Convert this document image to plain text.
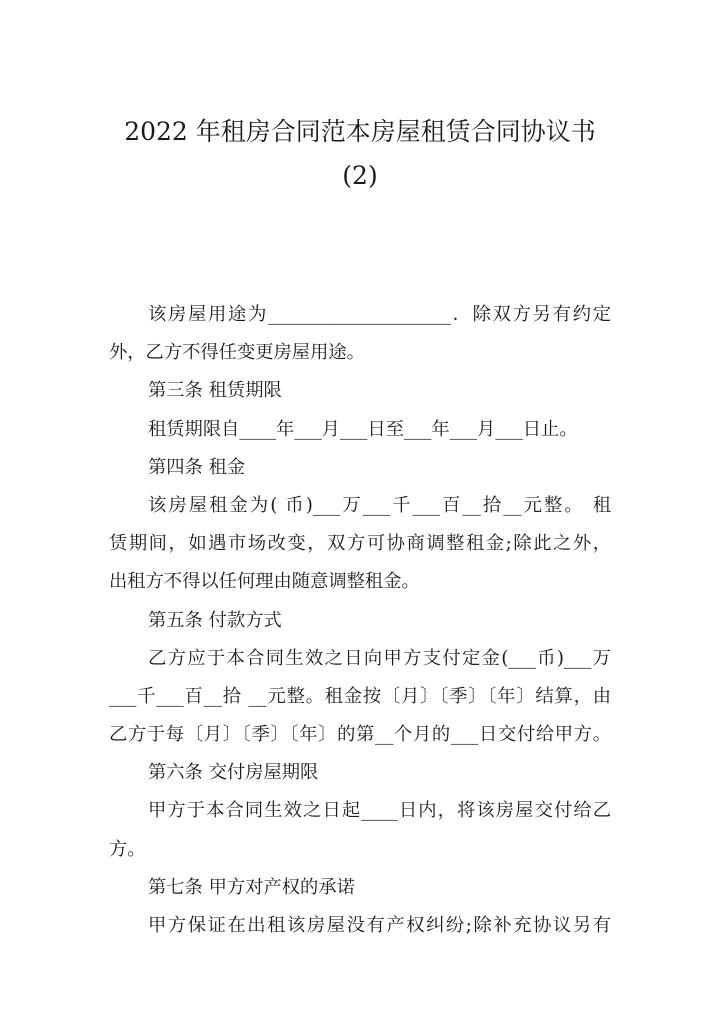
2022 年租房合同范本房屋租赁合同协议书
(2)
该房屋用途为____________________．除双方另有约定
外，乙方不得任变更房屋用途。
第三条 租赁期限
租赁期限自____年___月___日至___年___月___日止。
第四条 租金
该房屋租金为( 币)___万___千___百__拾__元整。 租
赁期间，如遇市场改变，双方可协商调整租金;除此之外，
出租方不得以任何理由随意调整租金。
第五条 付款方式
乙方应于本合同生效之日向甲方支付定金(___币)___万
___千___百__拾 __元整。租金按〔月〕〔季〕〔年〕结算，由
乙方于每〔月〕〔季〕〔年〕的第__个月的___日交付给甲方。
第六条 交付房屋期限
甲方于本合同生效之日起____日内，将该房屋交付给乙
方。
第七条 甲方对产权的承诺
甲方保证在出租该房屋没有产权纠纷;除补充协议另有
